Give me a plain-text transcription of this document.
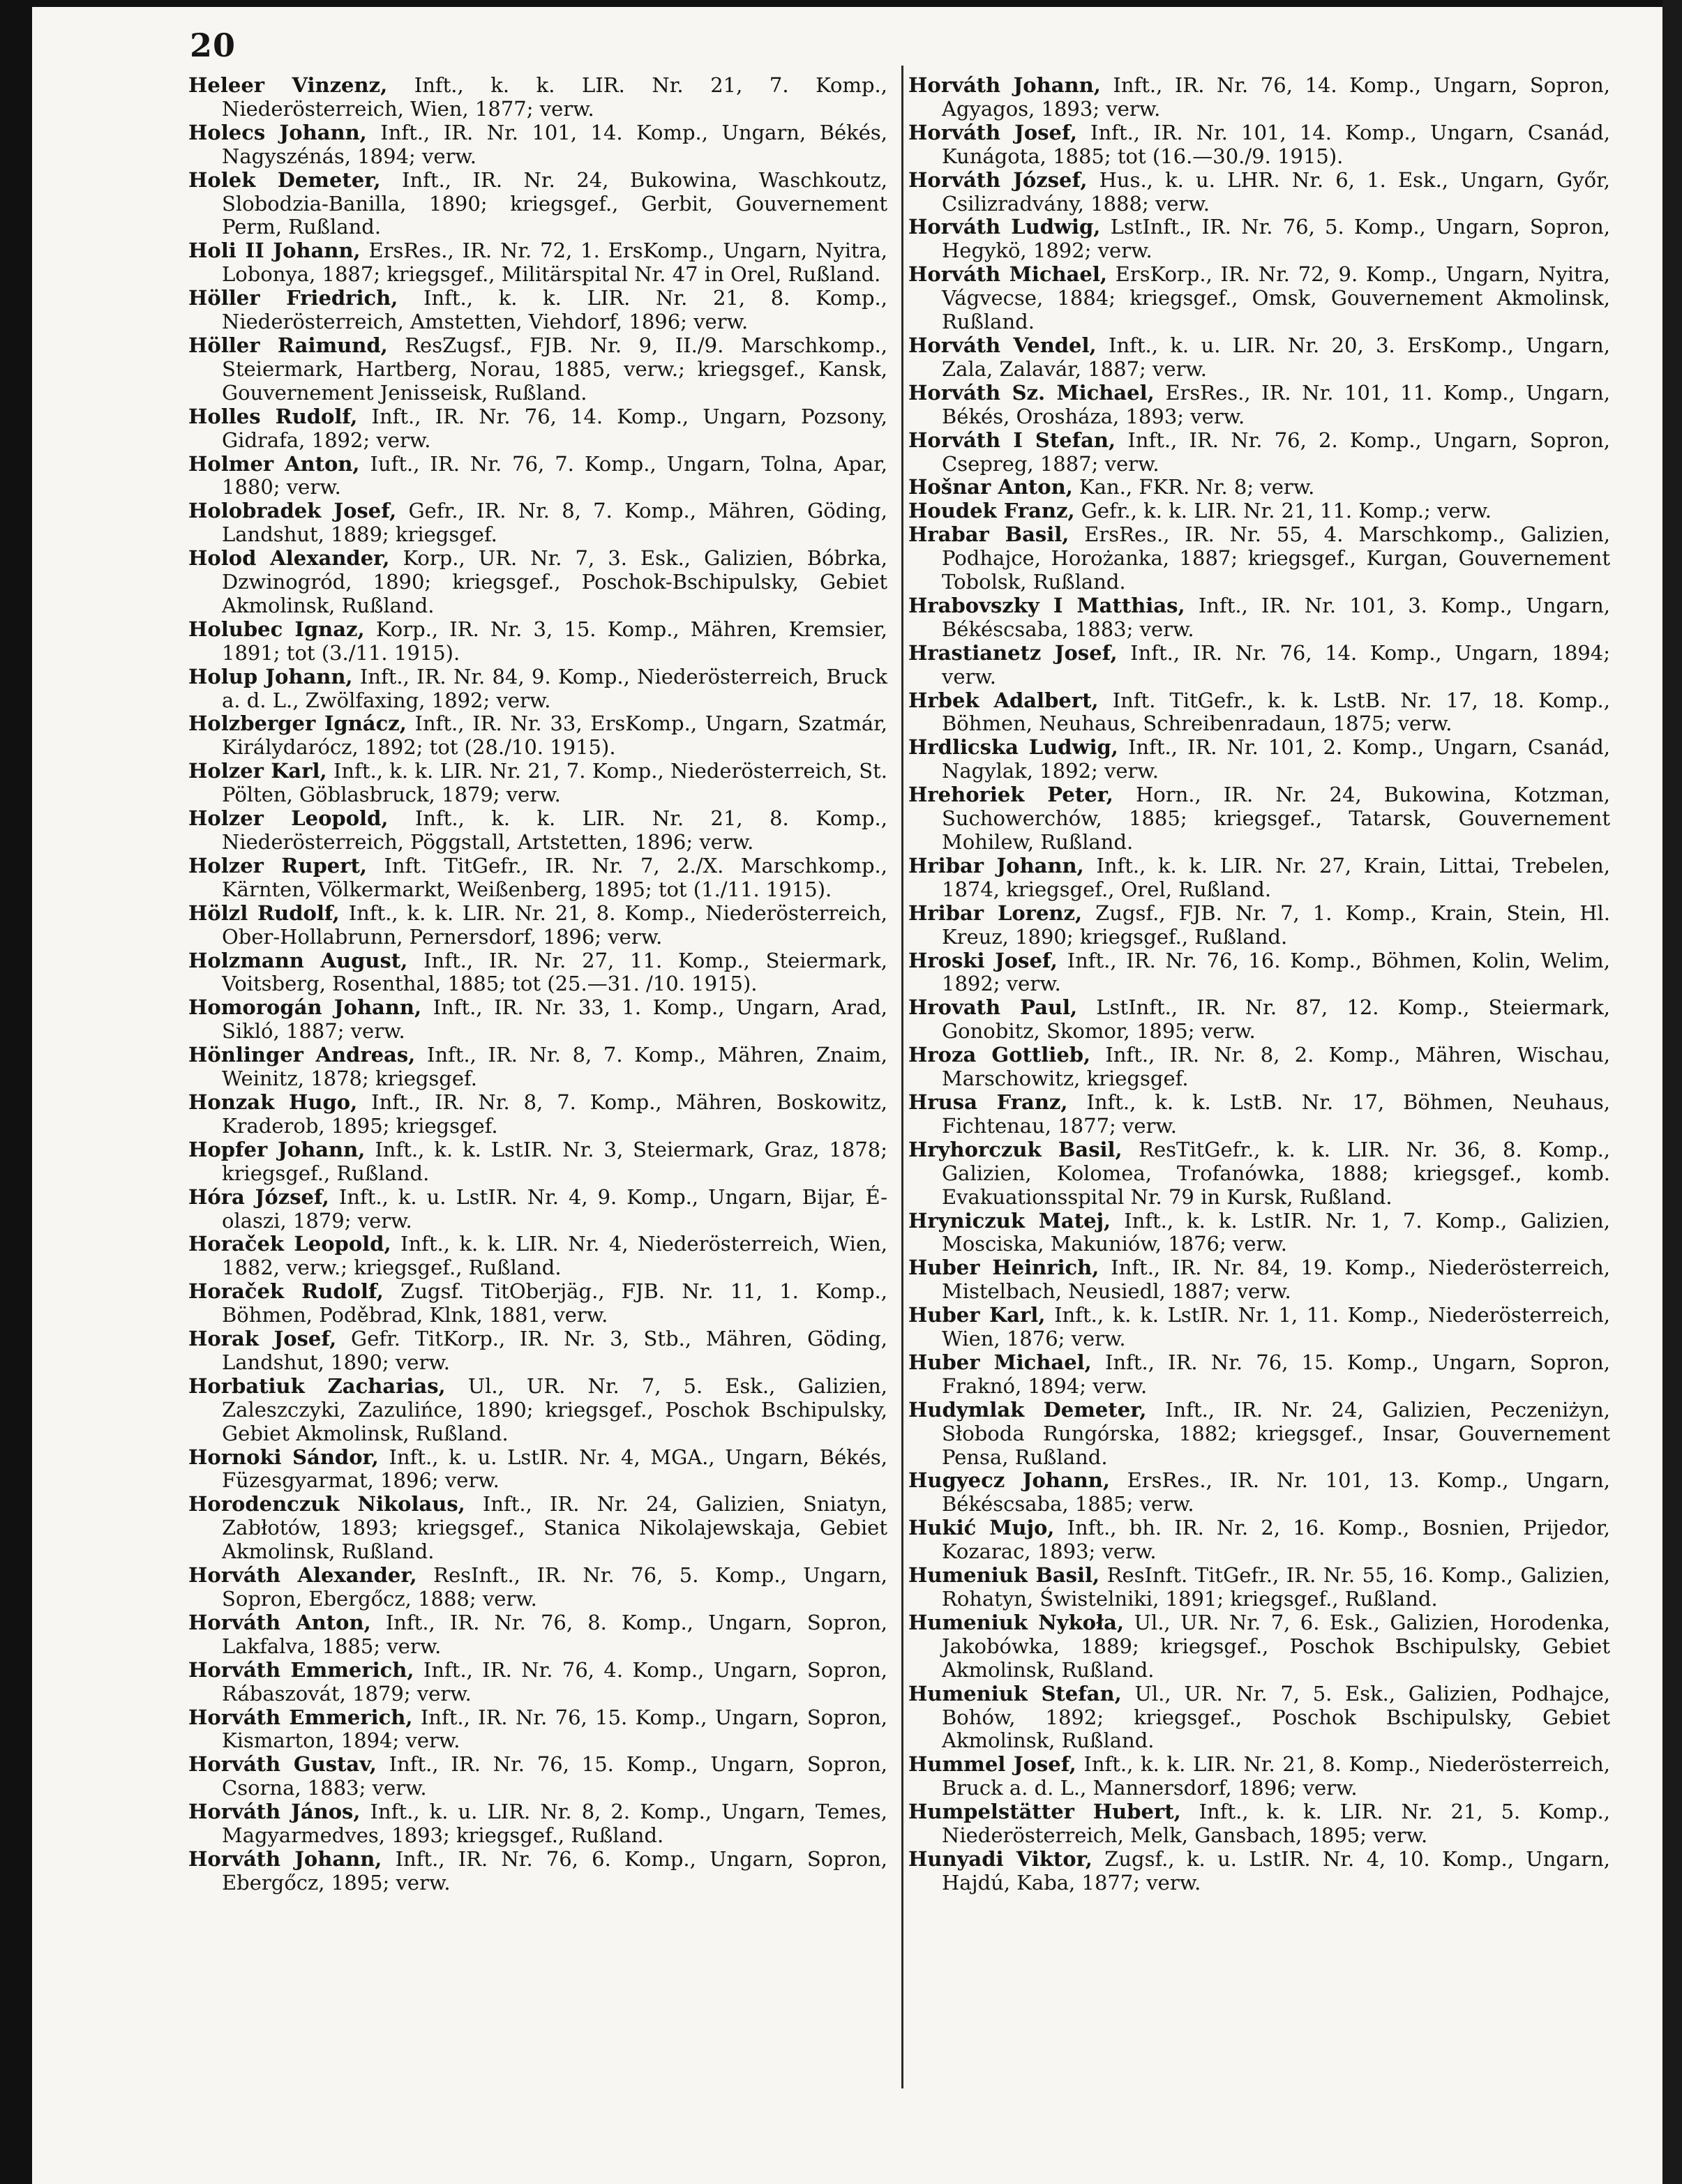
20

Heleer Vinzenz, Inft., k. k. LIR. Nr. 21, 7. Komp., Niederösterreich, Wien, 1877; verw.

Holecs Johann, Inft., IR. Nr. 101, 14. Komp., Ungarn, Békés, Nagyszénás, 1894; verw.

Holek Demeter, Inft., IR. Nr. 24, Bukowina, Waschkoutz, Slobodzia-Banilla, 1890; kriegsgef., Gerbit, Gouvernement Perm, Rußland.

Holi II Johann, ErsRes., IR. Nr. 72, 1. ErsKomp., Ungarn, Nyitra, Lobonya, 1887; kriegsgef., Militärspital Nr. 47 in Orel, Rußland.

Höller Friedrich, Inft., k. k. LIR. Nr. 21, 8. Komp., Niederösterreich, Amstetten, Viehdorf, 1896; verw.

Höller Raimund, ResZugsf., FJB. Nr. 9, II./9. Marschkomp., Steiermark, Hartberg, Norau, 1885, verw.; kriegsgef., Kansk, Gouvernement Jenisseisk, Rußland.

Holles Rudolf, Inft., IR. Nr. 76, 14. Komp., Ungarn, Pozsony, Gidrafa, 1892; verw.

Holmer Anton, Iuft., IR. Nr. 76, 7. Komp., Ungarn, Tolna, Apar, 1880; verw.

Holobradek Josef, Gefr., IR. Nr. 8, 7. Komp., Mähren, Göding, Landshut, 1889; kriegsgef.

Holod Alexander, Korp., UR. Nr. 7, 3. Esk., Galizien, Bóbrka, Dzwinogród, 1890; kriegsgef., Poschok-Bschipulsky, Gebiet Akmolinsk, Rußland.

Holubec Ignaz, Korp., IR. Nr. 3, 15. Komp., Mähren, Kremsier, 1891; tot (3./11. 1915).

Holup Johann, Inft., IR. Nr. 84, 9. Komp., Niederösterreich, Bruck a. d. L., Zwölfaxing, 1892; verw.

Holzberger Ignácz, Inft., IR. Nr. 33, ErsKomp., Ungarn, Szatmár, Királydarócz, 1892; tot (28./10. 1915).

Holzer Karl, Inft., k. k. LIR. Nr. 21, 7. Komp., Niederösterreich, St. Pölten, Göblasbruck, 1879; verw.

Holzer Leopold, Inft., k. k. LIR. Nr. 21, 8. Komp., Niederösterreich, Pöggstall, Artstetten, 1896; verw.

Holzer Rupert, Inft. TitGefr., IR. Nr. 7, 2./X. Marschkomp., Kärnten, Völkermarkt, Weißenberg, 1895; tot (1./11. 1915).

Hölzl Rudolf, Inft., k. k. LIR. Nr. 21, 8. Komp., Niederösterreich, Ober-Hollabrunn, Pernersdorf, 1896; verw.

Holzmann August, Inft., IR. Nr. 27, 11. Komp., Steiermark, Voitsberg, Rosenthal, 1885; tot (25.—31. /10. 1915).

Homorogán Johann, Inft., IR. Nr. 33, 1. Komp., Ungarn, Arad, Siklό, 1887; verw.

Hönlinger Andreas, Inft., IR. Nr. 8, 7. Komp., Mähren, Znaim, Weinitz, 1878; kriegsgef.

Honzak Hugo, Inft., IR. Nr. 8, 7. Komp., Mähren, Boskowitz, Kraderob, 1895; kriegsgef.

Hopfer Johann, Inft., k. k. LstIR. Nr. 3, Steiermark, Graz, 1878; kriegsgef., Rußland.

Hóra József, Inft., k. u. LstIR. Nr. 4, 9. Komp., Ungarn, Bijar, É-olaszi, 1879; verw.

Horaček Leopold, Inft., k. k. LIR. Nr. 4, Niederösterreich, Wien, 1882, verw.; kriegsgef., Rußland.

Horaček Rudolf, Zugsf. TitOberjäg., FJB. Nr. 11, 1. Komp., Böhmen, Poděbrad, Klnk, 1881, verw.

Horak Josef, Gefr. TitKorp., IR. Nr. 3, Stb., Mähren, Göding, Landshut, 1890; verw.

Horbatiuk Zacharias, Ul., UR. Nr. 7, 5. Esk., Galizien, Zaleszczyki, Zazulińce, 1890; kriegsgef., Poschok Bschipulsky, Gebiet Akmolinsk, Rußland.

Hornoki Sándor, Inft., k. u. LstIR. Nr. 4, MGA., Ungarn, Békés, Füzesgyarmat, 1896; verw.

Horodenczuk Nikolaus, Inft., IR. Nr. 24, Galizien, Sniatyn, Zabłotów, 1893; kriegsgef., Stanica Nikolajewskaja, Gebiet Akmolinsk, Rußland.

Horváth Alexander, ResInft., IR. Nr. 76, 5. Komp., Ungarn, Sopron, Ebergőcz, 1888; verw.

Horváth Anton, Inft., IR. Nr. 76, 8. Komp., Ungarn, Sopron, Lakfalva, 1885; verw.

Horváth Emmerich, Inft., IR. Nr. 76, 4. Komp., Ungarn, Sopron, Rábaszovát, 1879; verw.

Horváth Emmerich, Inft., IR. Nr. 76, 15. Komp., Ungarn, Sopron, Kismarton, 1894; verw.

Horváth Gustav, Inft., IR. Nr. 76, 15. Komp., Ungarn, Sopron, Csorna, 1883; verw.

Horváth János, Inft., k. u. LIR. Nr. 8, 2. Komp., Ungarn, Temes, Magyarmedves, 1893; kriegsgef., Rußland.

Horváth Johann, Inft., IR. Nr. 76, 6. Komp., Ungarn, Sopron, Ebergőcz, 1895; verw.

Horváth Johann, Inft., IR. Nr. 76, 14. Komp., Ungarn, Sopron, Agyagos, 1893; verw.

Horváth Josef, Inft., IR. Nr. 101, 14. Komp., Ungarn, Csanád, Kunágota, 1885; tot (16.—30./9. 1915).

Horváth József, Hus., k. u. LHR. Nr. 6, 1. Esk., Ungarn, Győr, Csilizradvány, 1888; verw.

Horváth Ludwig, LstInft., IR. Nr. 76, 5. Komp., Ungarn, Sopron, Hegykö, 1892; verw.

Horváth Michael, ErsKorp., IR. Nr. 72, 9. Komp., Ungarn, Nyitra, Vágvecse, 1884; kriegsgef., Omsk, Gouvernement Akmolinsk, Rußland.

Horváth Vendel, Inft., k. u. LIR. Nr. 20, 3. ErsKomp., Ungarn, Zala, Zalavár, 1887; verw.

Horváth Sz. Michael, ErsRes., IR. Nr. 101, 11. Komp., Ungarn, Békés, Orosháza, 1893; verw.

Horváth I Stefan, Inft., IR. Nr. 76, 2. Komp., Ungarn, Sopron, Csepreg, 1887; verw.

Hošnar Anton, Kan., FKR. Nr. 8; verw.

Houdek Franz, Gefr., k. k. LIR. Nr. 21, 11. Komp.; verw.

Hrabar Basil, ErsRes., IR. Nr. 55, 4. Marschkomp., Galizien, Podhajce, Horożanka, 1887; kriegsgef., Kurgan, Gouvernement Tobolsk, Rußland.

Hrabovszky I Matthias, Inft., IR. Nr. 101, 3. Komp., Ungarn, Békéscsaba, 1883; verw.

Hrastianetz Josef, Inft., IR. Nr. 76, 14. Komp., Ungarn, 1894; verw.

Hrbek Adalbert, Inft. TitGefr., k. k. LstB. Nr. 17, 18. Komp., Böhmen, Neuhaus, Schreibenradaun, 1875; verw.

Hrdlicska Ludwig, Inft., IR. Nr. 101, 2. Komp., Ungarn, Csanád, Nagylak, 1892; verw.

Hrehoriek Peter, Horn., IR. Nr. 24, Bukowina, Kotzman, Suchowerchów, 1885; kriegsgef., Tatarsk, Gouvernement Mohilew, Rußland.

Hribar Johann, Inft., k. k. LIR. Nr. 27, Krain, Littai, Trebelen, 1874, kriegsgef., Orel, Rußland.

Hribar Lorenz, Zugsf., FJB. Nr. 7, 1. Komp., Krain, Stein, Hl. Kreuz, 1890; kriegsgef., Rußland.

Hroski Josef, Inft., IR. Nr. 76, 16. Komp., Böhmen, Kolin, Welim, 1892; verw.

Hrovath Paul, LstInft., IR. Nr. 87, 12. Komp., Steiermark, Gonobitz, Skomor, 1895; verw.

Hroza Gottlieb, Inft., IR. Nr. 8, 2. Komp., Mähren, Wischau, Marschowitz, kriegsgef.

Hrusa Franz, Inft., k. k. LstB. Nr. 17, Böhmen, Neuhaus, Fichtenau, 1877; verw.

Hryhorczuk Basil, ResTitGefr., k. k. LIR. Nr. 36, 8. Komp., Galizien, Kolomea, Trofanówka, 1888; kriegsgef., komb. Evakuationsspital Nr. 79 in Kursk, Rußland.

Hryniczuk Matej, Inft., k. k. LstIR. Nr. 1, 7. Komp., Galizien, Mosciska, Makuniów, 1876; verw.

Huber Heinrich, Inft., IR. Nr. 84, 19. Komp., Niederösterreich, Mistelbach, Neusiedl, 1887; verw.

Huber Karl, Inft., k. k. LstIR. Nr. 1, 11. Komp., Niederösterreich, Wien, 1876; verw.

Huber Michael, Inft., IR. Nr. 76, 15. Komp., Ungarn, Sopron, Fraknó, 1894; verw.

Hudymlak Demeter, Inft., IR. Nr. 24, Galizien, Peczeniżyn, Słoboda Rungórska, 1882; kriegsgef., Insar, Gouvernement Pensa, Rußland.

Hugyecz Johann, ErsRes., IR. Nr. 101, 13. Komp., Ungarn, Békéscsaba, 1885; verw.

Hukić Mujo, Inft., bh. IR. Nr. 2, 16. Komp., Bosnien, Prijedor, Kozarac, 1893; verw.

Humeniuk Basil, ResInft. TitGefr., IR. Nr. 55, 16. Komp., Galizien, Rohatyn, Świstelniki, 1891; kriegsgef., Rußland.

Humeniuk Nykoła, Ul., UR. Nr. 7, 6. Esk., Galizien, Horodenka, Jakobówka, 1889; kriegsgef., Poschok Bschipulsky, Gebiet Akmolinsk, Rußland.

Humeniuk Stefan, Ul., UR. Nr. 7, 5. Esk., Galizien, Podhajce, Bohów, 1892; kriegsgef., Poschok Bschipulsky, Gebiet Akmolinsk, Rußland.

Hummel Josef, Inft., k. k. LIR. Nr. 21, 8. Komp., Niederösterreich, Bruck a. d. L., Mannersdorf, 1896; verw.

Humpelstätter Hubert, Inft., k. k. LIR. Nr. 21, 5. Komp., Niederösterreich, Melk, Gansbach, 1895; verw.

Hunyadi Viktor, Zugsf., k. u. LstIR. Nr. 4, 10. Komp., Ungarn, Hajdú, Kaba, 1877; verw.
